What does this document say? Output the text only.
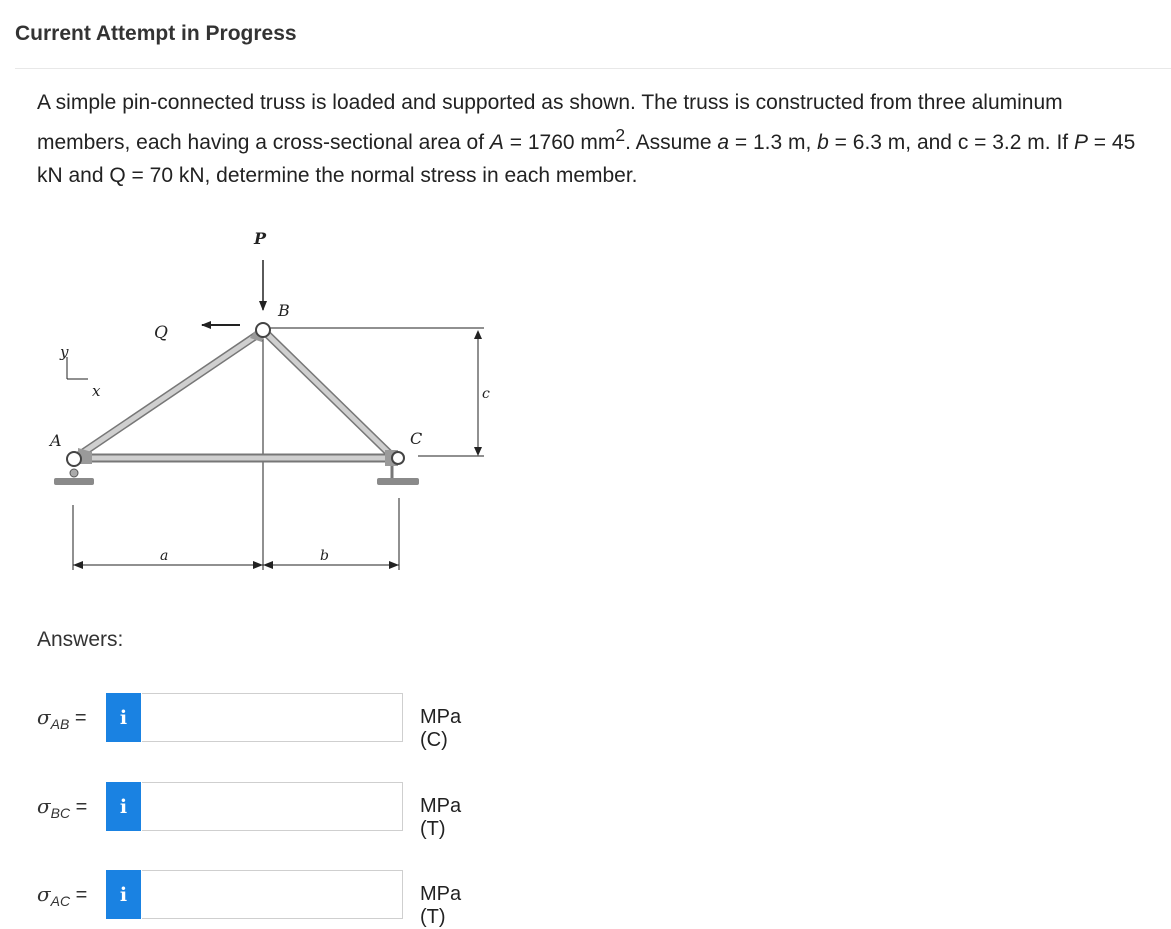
Current Attempt in Progress
A simple pin-connected truss is loaded and supported as shown. The truss is constructed from three aluminum members, each having a cross-sectional area of A = 1760 $mm^2$. Assume a = 1.3 m, b = 6.3 m, and c = 3.2 m. If P = 45 kN and Q = 70 kN, determine the normal stress in each member.
P
B
Q
y
x
A	C
c
a	b
Answers:
$\sigma_{AB}$ =	i	MPa (C)
$\sigma_{BC}$ =	i	MPa (T)
$\sigma_{AC}$ =	i	MPa (T)
